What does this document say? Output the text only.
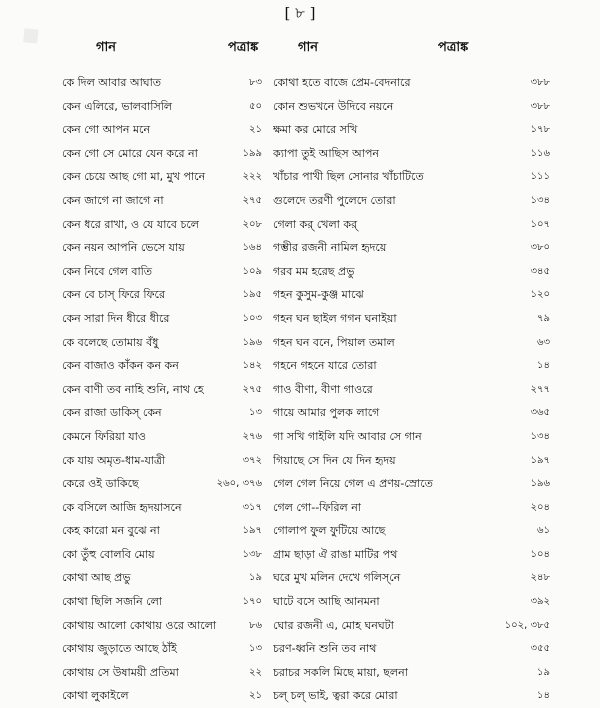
[ ৮ ]
গান	পত্রাঙ্ক	গান	পত্রাঙ্ক
কে দিল আবার আঘাত	৮৩ কোথা হতে বাজে প্রেম-বেদনারে	৩৮৮
কেন এলিরে, ভালবাসিলি	৫০ কোন শুভখনে উদিবে নয়নে	৩৮৮
কেন গো আপন মনে	২১ ক্ষমা কর মোরে সখি	১৭৮
কেন গো সে মোরে যেন করে না	১৯৯ ক্যাপা তুই আছিস আপন	১১৬
কেন চেয়ে আছ গো মা, মুখ পানে	২২২ খাঁচার পাখী ছিল সোনার খাঁচাটিতে	১১১
কেন জাগে না জাগে না	২৭৫ গুলেদে তরণী পুলেদে তোরা	১৩৪
কেন ধরে রাখা, ও যে যাবে চলে	২০৮ গেলা কর্‌ খেলা কর্‌	১০৭
কেন নয়ন আপনি ভেসে যায়	১৬৪ গম্ভীর রজনী নামিল হৃদয়ে	৩৮০
কেন নিবে গেল বাতি	১০৯ গরব মম হরেছ প্রভু	৩৪৫
কেন বে চাস্‌ ফিরে ফিরে	১৯৫ গহন কুসুম-কুঞ্জ মাঝে	১২০
কেন সারা দিন ধীরে ধীরে	১০৩ গহন ঘন ছাইল গগন ঘনাইয়া	৭৯
কে বলেছে তোমায় বঁধু	১৯৬ গহন ঘন বনে, পিয়াল তমাল	৬৩
কেন বাজাও কাঁকন কন কন	১৪২ গহনে গহনে যারে তোরা	১৪
কেন বাণী তব নাহি শুনি, নাথ হে	২৭৫ গাও বীণা, বীণা গাওরে	২৭৭
কেন রাজা ডাকিস্‌ কেন	১৩ গায়ে আমার পুলক লাগে	৩৬৫
কেমনে ফিরিয়া যাও	২৭৬ গা সখি গাইলি যদি আবার সে গান	১৩৪
কে যায় অমৃত-ধাম-যাত্রী	৩৭২ গিয়াছে সে দিন যে দিন হৃদয়	১৯৭
কেরে ওই ডাকিছে	২৬০, ৩৭৬ গেল গেল নিয়ে গেল এ প্রণয়-স্রোতে	১৯৬
কে বসিলে আজি হৃদয়াসনে	৩১৭ গেল গো--ফিরিল না	২০৪
কেহ কারো মন বুঝে না	১৯৭ গোলাপ ফুল ফুটিয়ে আছে	৬১
কো তুঁহু বোলবি মোয়	১৩৮ গ্রাম ছাড়া ঐ রাঙা মাটির পথ	১০৪
কোথা আছ প্রভু	১৯ ঘরে মুখ মলিন দেখে গলিস্‌নে	২৪৮
কোথা ছিলি সজনি লো	১৭০ ঘাটে বসে আছি আনমনা	৩৯২
কোথায় আলো কোথায় ওরে আলো	৮৬ ঘোর রজনী এ, মোহ ঘনঘটা	১০২, ৩৮৫
কোথায় জুড়াতে আছে ঠাঁই	১৩ চরণ-ধ্বনি শুনি তব নাথ	৩৫৫
কোথায় সে উষাময়ী প্রতিমা	২২ চরাচর সকলি মিছে মায়া, ছলনা	১৯
কোথা লুকাইলে	২১ চল্‌ চল্‌ ভাই, ত্বরা করে মোরা	১৪
◆
